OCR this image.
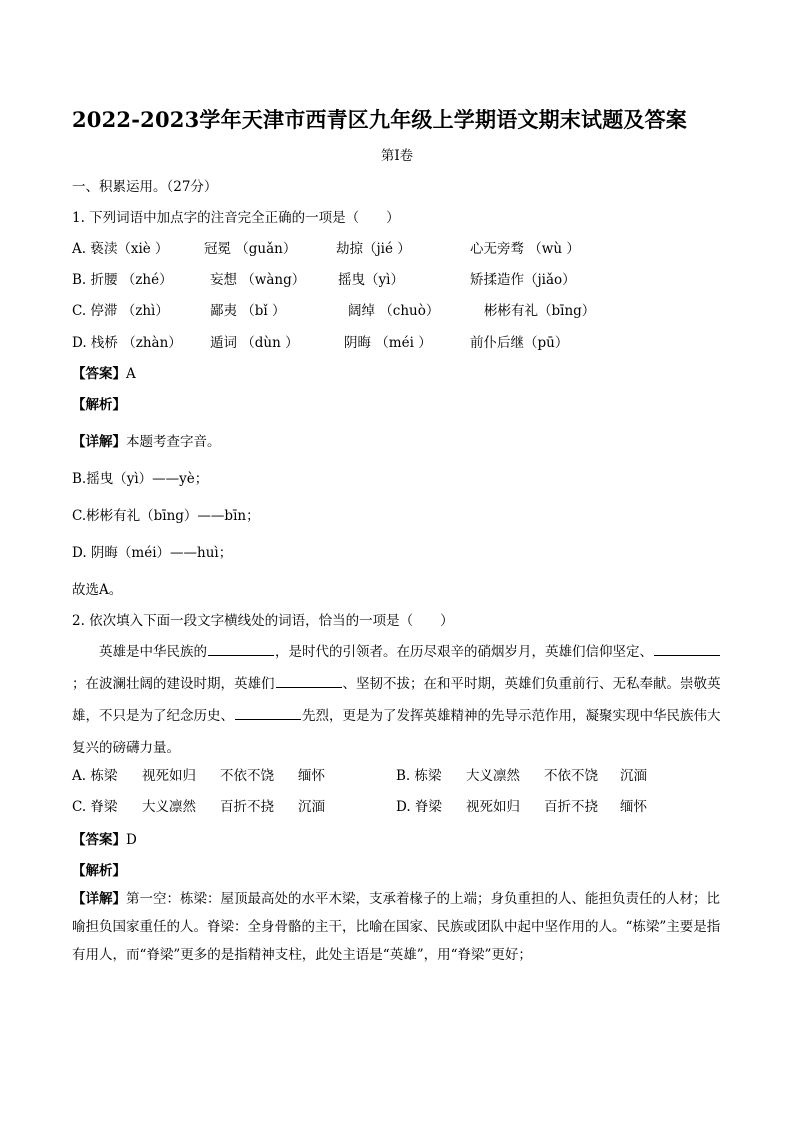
2022-2023学年天津市西青区九年级上学期语文期末试题及答案
第I卷
一、积累运用。（27分）
1. 下列词语中加点字的注音完全正确的一项是（　　）
A. 亵渎（xiè ）	冠冕 （guǎn）	劫掠（jié ）	心无旁骛 （wù ）
B. 折腰 （zhé）	妄想 （wàng） 摇曳（yì）	矫揉造作（jiǎo）
C. 停滞 （zhì）	鄙夷 （bǐ ）	阔绰 （chuò）	彬彬有礼（bīng）
D. 栈桥 （zhàn） 遁词 （dùn ）	阴晦 （méi ）	前仆后继（pū）
【答案】A
【解析】
【详解】本题考查字音。
B.摇曳（yì）——yè；
C.彬彬有礼（bīng）——bīn；
D. 阴晦（méi）——huì；
故选A。
2. 依次填入下面一段文字横线处的词语，恰当的一项是（　　）
英雄是中华民族的	，是时代的引领者。在历尽艰辛的硝烟岁月，英雄们信仰坚定、；在波澜壮阔的建设时期，英雄们	、坚韧不拔；在和平时期，英雄们负重前行、无私奉献。崇敬英雄，不只是为了纪念历史、	先烈，更是为了发挥英雄精神的先导示范作用，凝聚实现中华民族伟大复兴的磅礴力量。
A. 栋梁 视死如归 不依不饶 缅怀	B. 栋梁 大义凛然 不依不饶 沉湎
C. 脊梁 大义凛然 百折不挠 沉湎	D. 脊梁 视死如归 百折不挠 缅怀
【答案】D
【解析】
【详解】第一空：栋梁：屋顶最高处的水平木梁，支承着椽子的上端；身负重担的人、能担负责任的人材；比喻担负国家重任的人。脊梁：全身骨骼的主干，比喻在国家、民族或团队中起中坚作用的人。“栋梁”主要是指有用人，而“脊梁”更多的是指精神支柱，此处主语是“英雄”，用“脊梁”更好；
